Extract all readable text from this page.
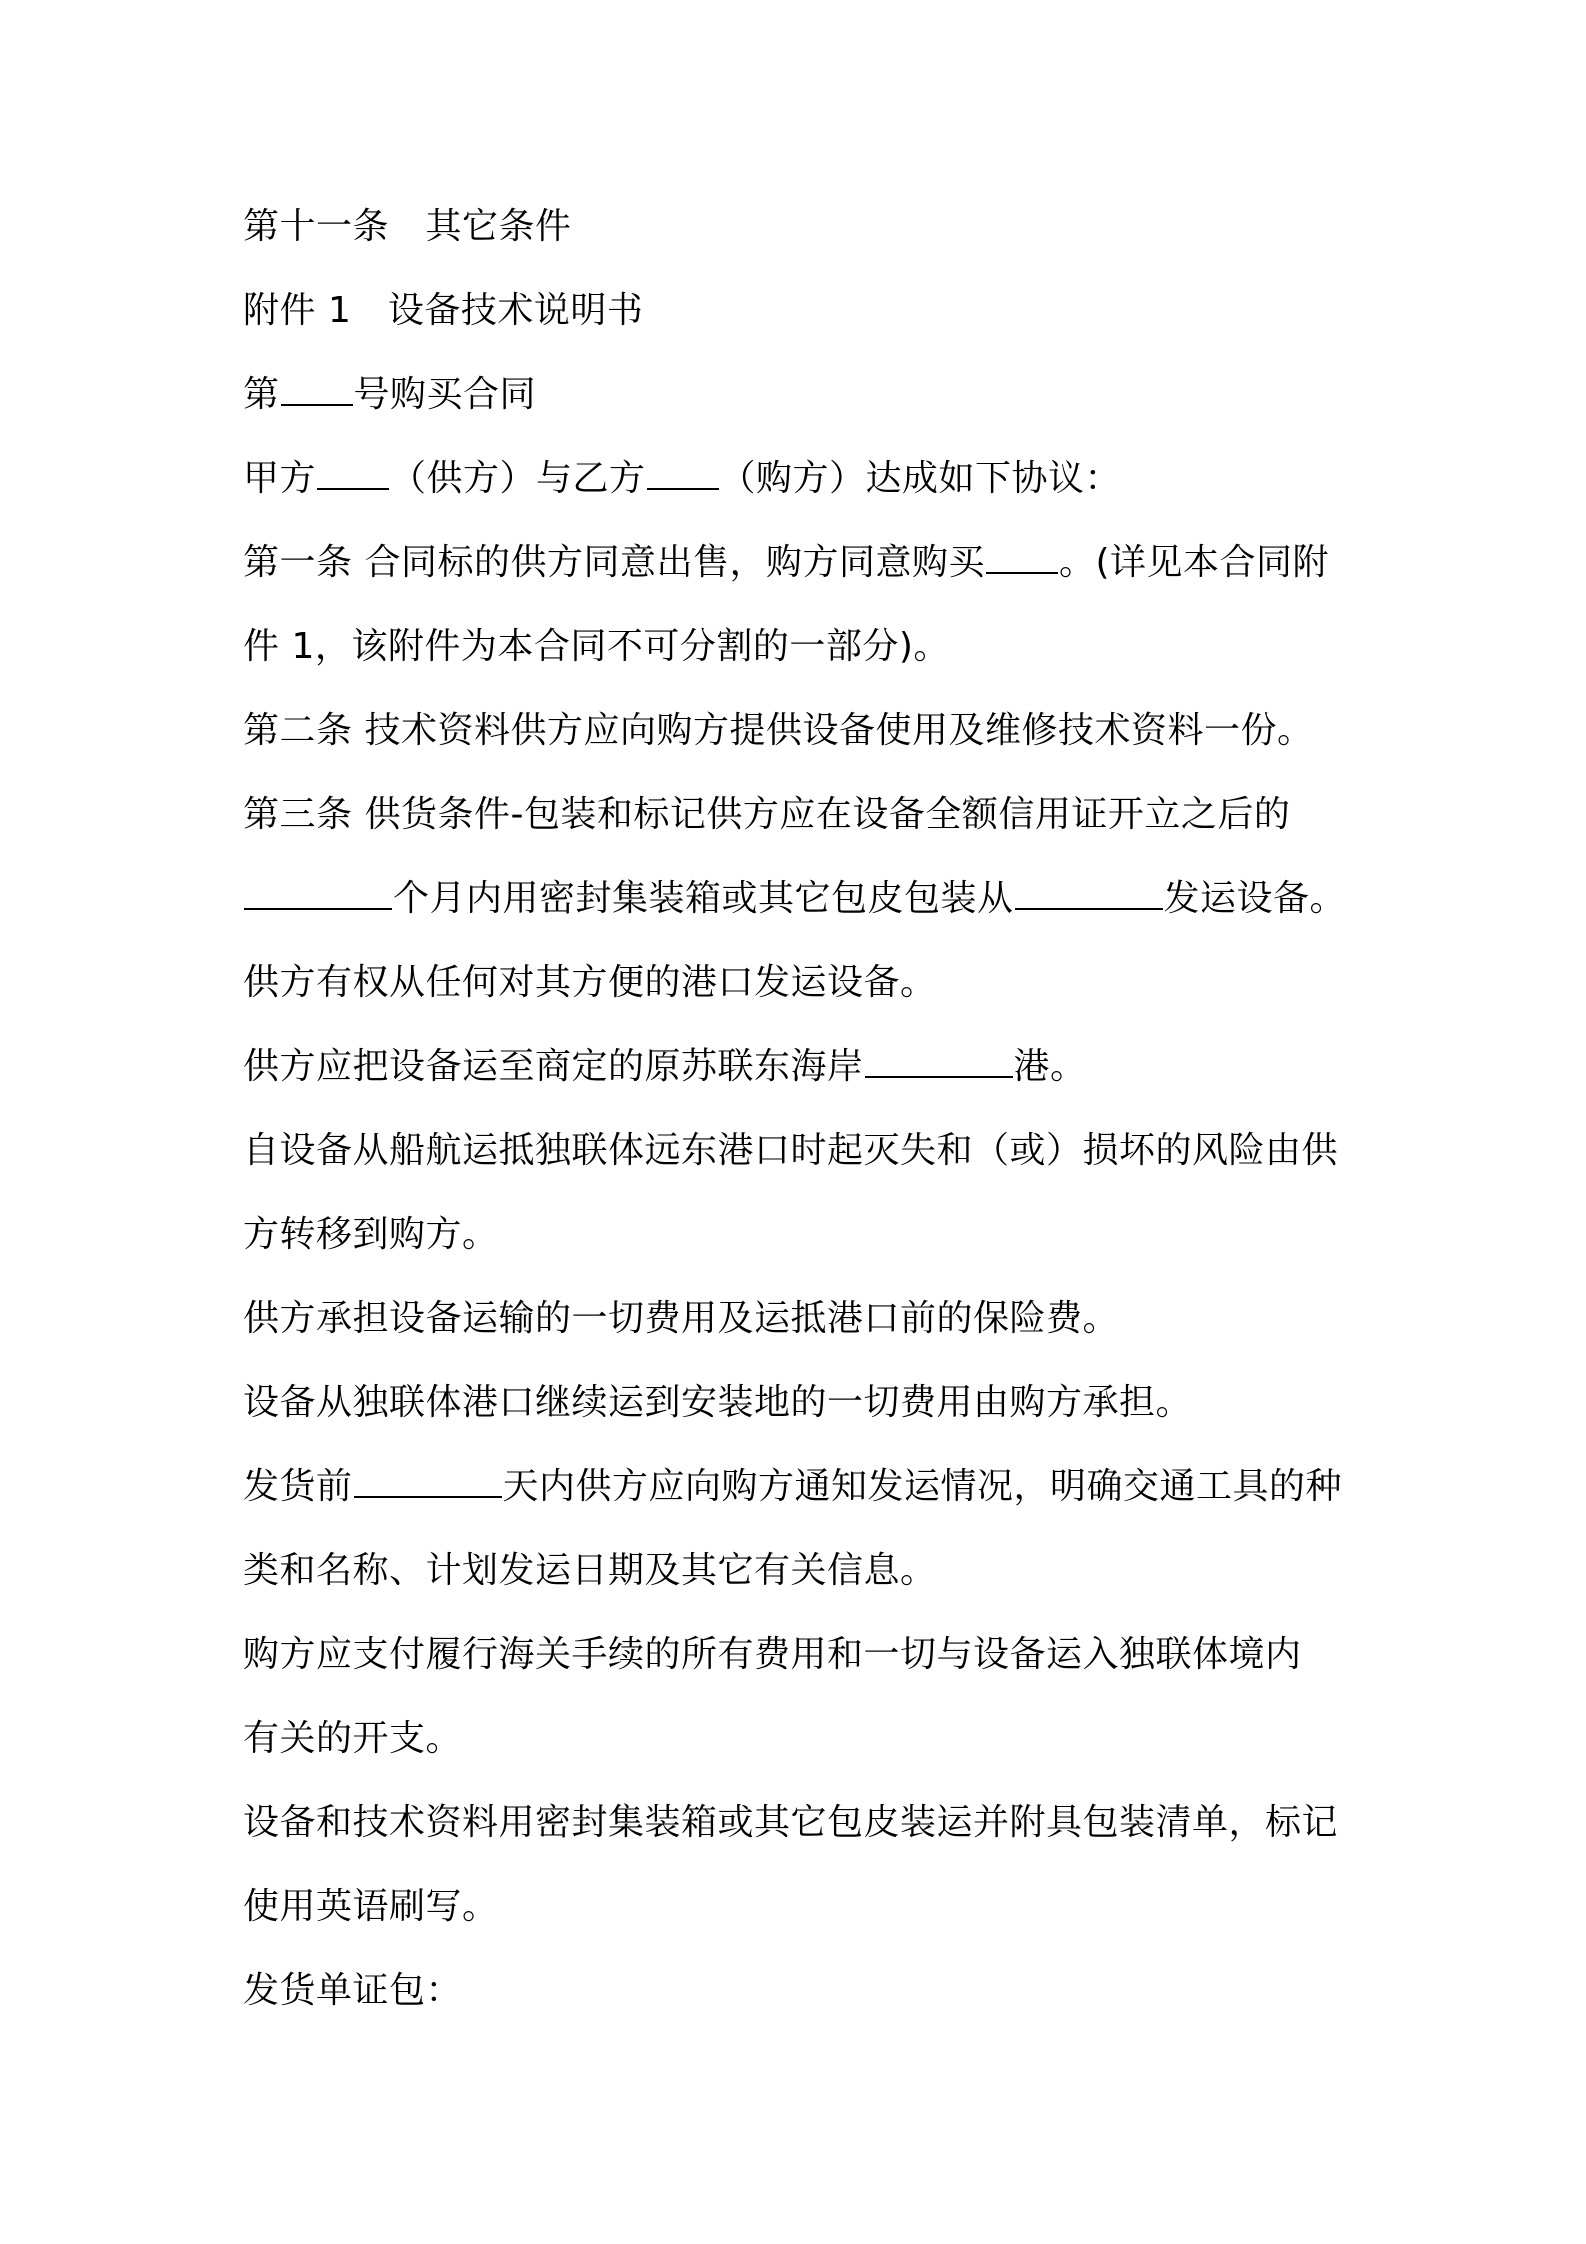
第十一条　其它条件
附件 1　设备技术说明书
第 号购买合同
甲方 （供方）与乙方 （购方）达成如下协议：
第一条 合同标的供方同意出售，购方同意购买 。(详见本合同附
件 1，该附件为本合同不可分割的一部分)。
第二条 技术资料供方应向购方提供设备使用及维修技术资料一份。
第三条 供货条件-包装和标记供方应在设备全额信用证开立之后的
个月内用密封集装箱或其它包皮包装从	发运设备。
供方有权从任何对其方便的港口发运设备。
供方应把设备运至商定的原苏联东海岸	港。
自设备从船航运抵独联体远东港口时起灭失和（或）损坏的风险由供
方转移到购方。
供方承担设备运输的一切费用及运抵港口前的保险费。
设备从独联体港口继续运到安装地的一切费用由购方承担。
发货前	天内供方应向购方通知发运情况，明确交通工具的种
类和名称、计划发运日期及其它有关信息。
购方应支付履行海关手续的所有费用和一切与设备运入独联体境内
有关的开支。
设备和技术资料用密封集装箱或其它包皮装运并附具包装清单，标记
使用英语刷写。
发货单证包：
